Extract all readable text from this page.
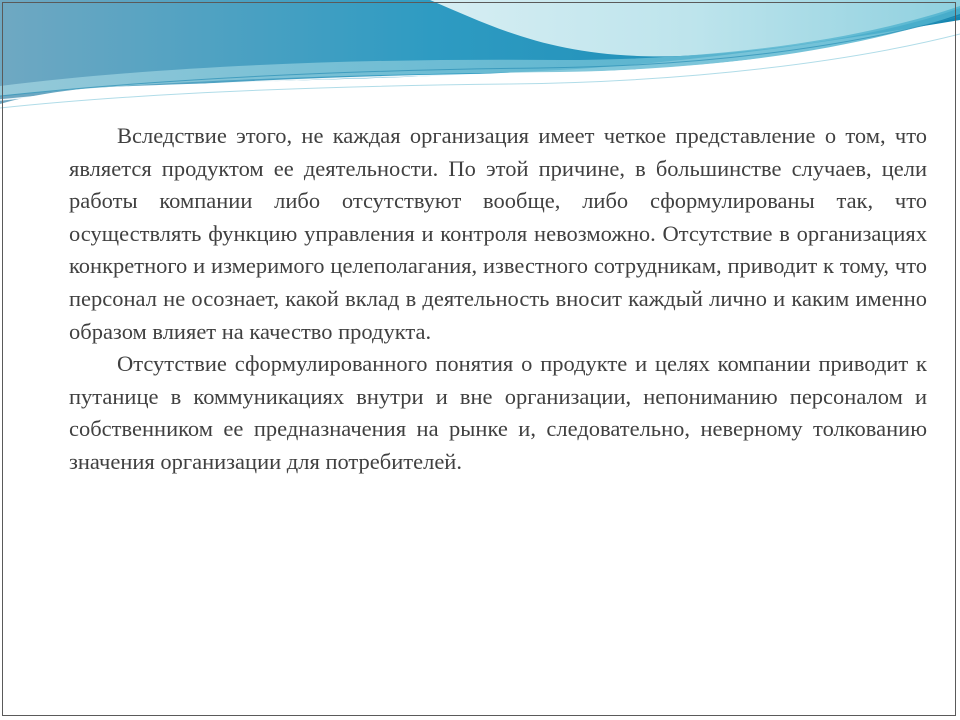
Вследствие этого, не каждая организация имеет четкое представление о том, что является продуктом ее деятельности. По этой причине, в большинстве случаев, цели работы компании либо отсутствуют вообще, либо сформулированы так, что осуществлять функцию управления и контроля невозможно. Отсутствие в организациях конкретного и измеримого целеполагания, известного сотрудникам, приводит к тому, что персонал не осознает, какой вклад в деятельность вносит каждый лично и каким именно образом влияет на качество продукта.

Отсутствие сформулированного понятия о продукте и целях компании приводит к путанице в коммуникациях внутри и вне организации, непониманию персоналом и собственником ее предназначения на рынке и, следовательно, неверному толкованию значения организации для потребителей.
